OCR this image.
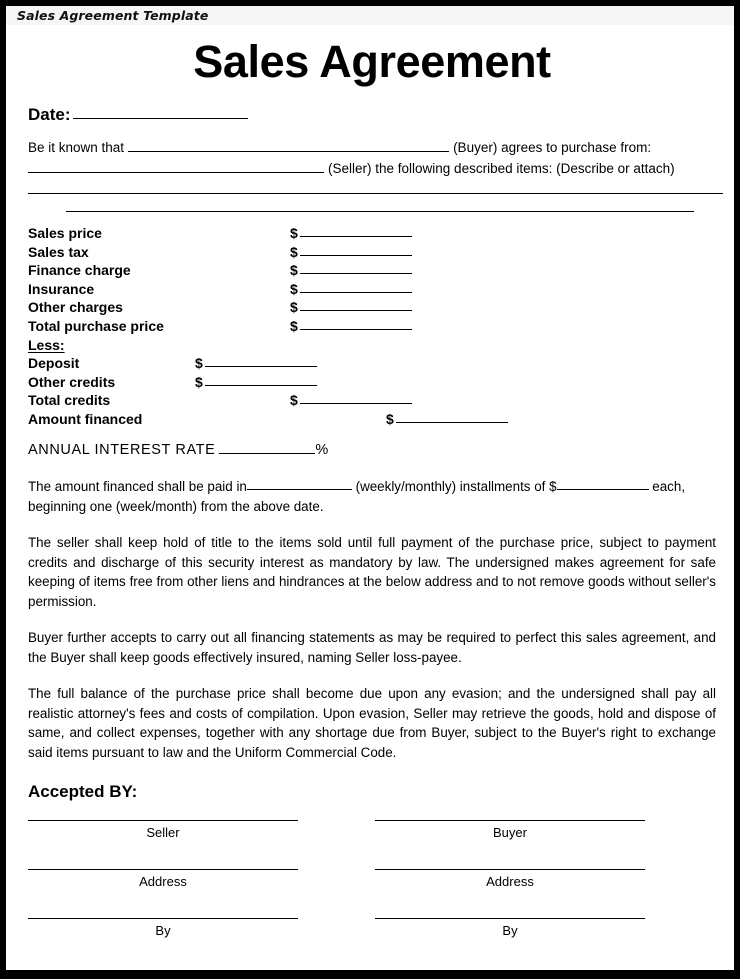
Sales Agreement Template
Sales Agreement
Date:
Be it known that	(Buyer) agrees to purchase from:
(Seller) the following described items: (Describe or attach)
Sales price	$
Sales tax	$
Finance charge	$
Insurance	$
Other charges	$
Total purchase price	$
Less:
Deposit	$
Other credits	$
Total credits	$
Amount financed	$
ANNUAL INTEREST RATE	%
The amount financed shall be paid in	(weekly/monthly) installments of $	each,
beginning one (week/month) from the above date.
The seller shall keep hold of title to the items sold until full payment of the purchase price, subject to payment credits and discharge of this security interest as mandatory by law. The undersigned makes agreement for safe keeping of items free from other liens and hindrances at the below address and to not remove goods without seller's permission.
Buyer further accepts to carry out all financing statements as may be required to perfect this sales agreement, and the Buyer shall keep goods effectively insured, naming Seller loss-payee.
The full balance of the purchase price shall become due upon any evasion; and the undersigned shall pay all realistic attorney's fees and costs of compilation. Upon evasion, Seller may retrieve the goods, hold and dispose of same, and collect expenses, together with any shortage due from Buyer, subject to the Buyer's right to exchange said items pursuant to law and the Uniform Commercial Code.
Accepted BY:
Seller	Buyer
Address	Address
By	By
